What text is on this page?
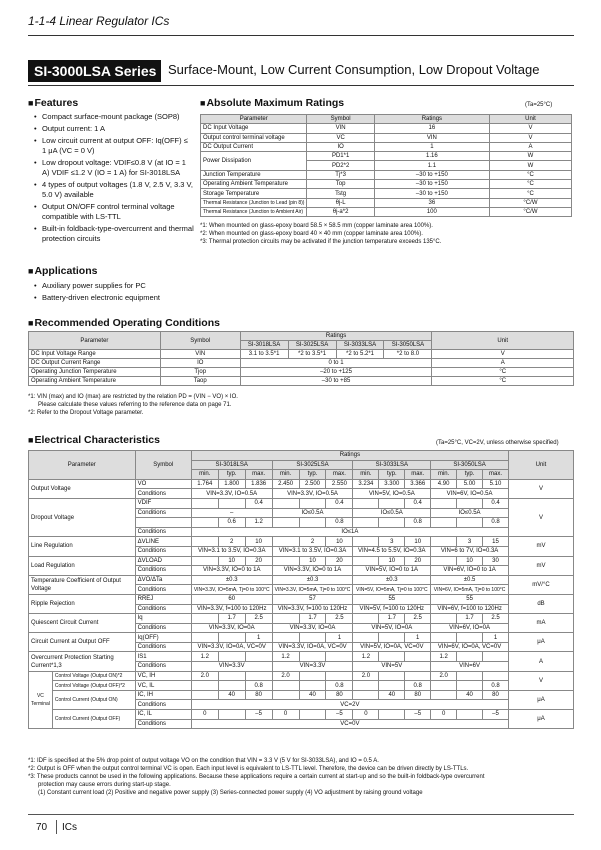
1-1-4 Linear Regulator ICs
SI-3000LSA Series Surface-Mount, Low Current Consumption, Low Dropout Voltage
■ Features
• Compact surface-mount package (SOP8)
• Output current: 1 A
• Low circuit current at output OFF: Iq(OFF) ≤ 1 μA (VC = 0 V)
• Low dropout voltage: VDIF≤0.8 V (at IO = 1 A) VDIF ≤1.2 V (IO = 1 A) for SI-3018LSA
• 4 types of output voltages (1.8 V, 2.5 V, 3.3 V, 5.0 V) available
• Output ON/OFF control terminal voltage compatible with LS-TTL
• Built-in foldback-type-overcurrent and thermal protection circuits
■ Applications
• Auxiliary power supplies for PC
• Battery-driven electronic equipment
■ Absolute Maximum Ratings	(Ta=25°C)
Parameter	Symbol	Ratings	Unit
DC Input Voltage	VIN	16	V
Output control terminal voltage	VC	VIN	V
DC Output Current	IO	1	A
Power Dissipation	PD1*1	1.16	W
	PD2*2	1.1	W
Junction Temperature	Tj*3	–30 to +150	°C
Operating Ambient Temperature	Top	–30 to +150	°C
Storage Temperature	Tstg	–30 to +150	°C
Thermal Resistance (Junction to Lead (pin 8))	θj-L	36	°C/W
Thermal Resistance (Junction to Ambient Air)	θj-a*2	100	°C/W
*1: When mounted on glass-epoxy board 58.5 × 58.5 mm (copper laminate area 100%).
*2: When mounted on glass-epoxy board 40 × 40 mm (copper laminate area 100%).
*3: Thermal protection circuits may be activated if the junction temperature exceeds 135°C.
■ Recommended Operating Conditions
Parameter	Symbol	Ratings				Unit
		SI-3018LSA	SI-3025LSA	SI-3033LSA	SI-3050LSA	
DC Input Voltage Range	VIN	3.1 to 3.5*1	*2 to 3.5*1	*2 to 5.2*1	*2 to 8.0	V
DC Output Current Range	IO	0 to 1				A
Operating Junction Temperature	Tjop	–20 to +125				°C
Operating Ambient Temperature	Taop	–30 to +85				°C
*1: VIN (max) and IO (max) are restricted by the relation PD = (VIN − VO) × IO.
Please calculate these values referring to the reference data on page 71.
*2: Refer to the Dropout Voltage parameter.
■ Electrical Characteristics	(Ta=25°C, VC=2V, unless otherwise specified)
Parameter		Symbol	Ratings												Unit
			SI-3018LSA			SI-3025LSA			SI-3033LSA			SI-3050LSA			
			min.	typ.	max.	min.	typ.	max.	min.	typ.	max.	min.	typ.	max.	
Output Voltage		VO	1.764	1.800	1.836	2.450	2.500	2.550	3.234	3.300	3.366	4.90	5.00	5.10	V
		Conditions	VIN=3.3V, IO=0.5A			VIN=3.3V, IO=0.5A			VIN=5V, IO=0.5A			VIN=6V, IO=0.5A			
Dropout Voltage		VDIF			0.4			0.4			0.4			0.4	V
		Conditions	–			IO≤0.5A			IO≤0.5A			IO≤0.5A			
				0.6	1.2			0.8			0.8			0.8	
		Conditions	IO≤1A												
Line Regulation		ΔVLINE		2	10		2	10		3	10		3	15	mV
		Conditions	VIN=3.1 to 3.5V, IO=0.3A			VIN=3.1 to 3.5V, IO=0.3A			VIN=4.5 to 5.5V, IO=0.3A			VIN=6 to 7V, IO=0.3A			
Load Regulation		ΔVLOAD		10	20		10	20		10	20		10	30	mV
		Conditions	VIN=3.3V, IO=0 to 1A			VIN=3.3V, IO=0 to 1A			VIN=5V, IO=0 to 1A			VIN=6V, IO=0 to 1A			
Temperature Coefficient of Output Voltage		ΔVO/ΔTa	±0.3			±0.3			±0.3			±0.5			mV/°C
		Conditions	VIN=3.3V, IO=5mA, Tj=0 to 100°C			VIN=3.3V, IO=5mA, Tj=0 to 100°C			VIN=5V, IO=5mA, Tj=0 to 100°C			VIN=6V, IO=5mA, Tj=0 to 100°C			
Ripple Rejection		RREJ	60			57			55			55			dB
		Conditions	VIN=3.3V, f=100 to 120Hz			VIN=3.3V, f=100 to 120Hz			VIN=5V, f=100 to 120Hz			VIN=6V, f=100 to 120Hz			
Quiescent Circuit Current		Iq		1.7	2.5		1.7	2.5		1.7	2.5		1.7	2.5	mA
		Conditions	VIN=3.3V, IO=0A			VIN=3.3V, IO=0A			VIN=5V, IO=0A			VIN=6V, IO=0A			
Circuit Current at Output OFF		Iq(OFF)			1			1			1			1	μA
		Conditions	VIN=3.3V, IO=0A, VC=0V			VIN=3.3V, IO=0A, VC=0V			VIN=5V, IO=0A, VC=0V			VIN=6V, IO=0A, VC=0V			
Overcurrent Protection Starting Current*1,3		IS1	1.2			1.2			1.2			1.2			A
		Conditions	VIN=3.3V			VIN=3.3V			VIN=5V			VIN=6V			
VC Terminal	Control Voltage (Output ON)*2	VC, IH	2.0			2.0			2.0			2.0			V
	Control Voltage (Output OFF)*2	VC, IL			0.8			0.8			0.8			0.8	
	Control Current (Output ON)	IC, IH		40	80		40	80		40	80		40	80	μA
		Conditions	VC=2V												
	Control Current (Output OFF)	IC, IL	0		–5	0		–5	0		–5	0		–5	μA
		Conditions	VC=0V												
*1: IDF is specified at the 5% drop point of output voltage VO on the condition that VIN = 3.3 V (5 V for SI-3033LSA), and IO = 0.5 A.
*2: Output is OFF when the output control terminal VC is open. Each input level is equivalent to LS-TTL level. Therefore, the device can be driven directly by LS-TTLs.
*3: These products cannot be used in the following applications. Because these applications require a certain current at start-up and so the built-in foldback-type overcurrent
protection may cause errors during start-up stage.
(1) Constant current load (2) Positive and negative power supply (3) Series-connected power supply (4) VO adjustment by raising ground voltage
70 ICs
